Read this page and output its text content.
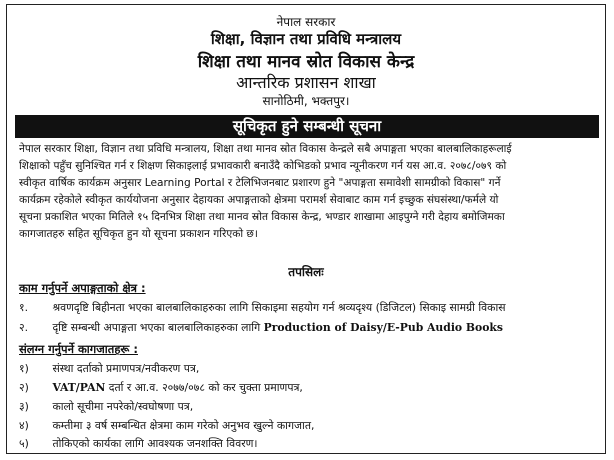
नेपाल सरकार
शिक्षा, विज्ञान तथा प्रविधि मन्त्रालय
शिक्षा तथा मानव स्रोत विकास केन्द्र
आन्तरिक प्रशासन शाखा
सानोठिमी, भक्तपुर।
सूचिकृत हुने सम्बन्धी सूचना
नेपाल सरकार शिक्षा, विज्ञान तथा प्रविधि मन्त्रालय, शिक्षा तथा मानव स्रोत विकास केन्द्रले सबै अपाङ्गता भएका बालबालिकाहरूलाई
शिक्षाको पहुँच सुनिश्चित गर्न र शिक्षण सिकाइलाई प्रभावकारी बनाउँदै कोभिडको प्रभाव न्यूनीकरण गर्न यस आ.व. २०७८/०७९ को
स्वीकृत वार्षिक कार्यक्रम अनुसार Learning Portal र टेलिभिजनबाट प्रशारण हुने "अपाङ्गता समावेशी सामग्रीको विकास" गर्ने
कार्यक्रम रहेकोले स्वीकृत कार्ययोजना अनुसार देहायका अपाङ्गताको क्षेत्रमा परामर्श सेवाबाट काम गर्न इच्छुक संघसंस्था/फर्मले यो
सूचना प्रकाशित भएका मितिले १५ दिनभित्र शिक्षा तथा मानव स्रोत विकास केन्द्र, भण्डार शाखामा आइपुग्ने गरी देहाय बमोजिमका
कागजातहरु सहित सूचिकृत हुन यो सूचना प्रकाशन गरिएको छ।
तपसिलः
काम गर्नुपर्ने अपाङ्गताको क्षेत्र :
१. श्रवणदृष्टि बिहीनता भएका बालबालिकाहरुका लागि सिकाइमा सहयोग गर्न श्रव्यदृश्य (डिजिटल) सिकाइ सामग्री विकास
२. दृष्टि सम्बन्धी अपाङ्गता भएका बालबालिकाहरुका लागि Production of Daisy/E-Pub Audio Books
संलग्न गर्नुपर्ने कागजातहरू :
१) संस्था दर्ताको प्रमाणपत्र/नवीकरण पत्र,
२) VAT/PAN दर्ता र आ.व. २०७७/०७८ को कर चुक्ता प्रमाणपत्र,
३) कालो सूचीमा नपरेको/स्वघोषणा पत्र,
४) कम्तीमा ३ वर्ष सम्बन्धित क्षेत्रमा काम गरेको अनुभव खुल्ने कागजात,
५) तोकिएको कार्यका लागि आवश्यक जनशक्ति विवरण।
